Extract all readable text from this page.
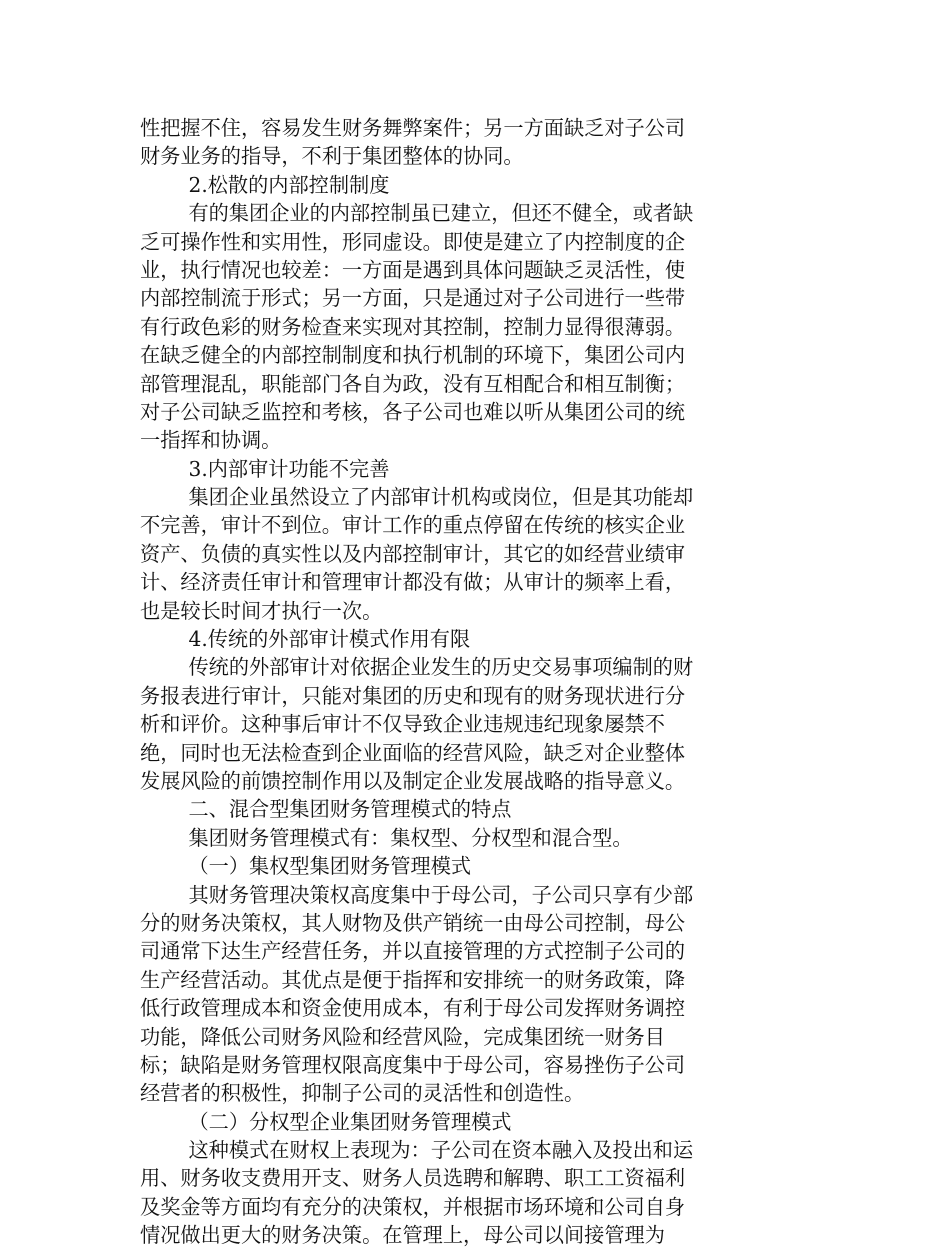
性把握不住，容易发生财务舞弊案件；另一方面缺乏对子公司
财务业务的指导，不利于集团整体的协同。
2.松散的内部控制制度
有的集团企业的内部控制虽已建立，但还不健全，或者缺
乏可操作性和实用性，形同虚设。即使是建立了内控制度的企
业，执行情况也较差：一方面是遇到具体问题缺乏灵活性，使
内部控制流于形式；另一方面，只是通过对子公司进行一些带
有行政色彩的财务检查来实现对其控制，控制力显得很薄弱。
在缺乏健全的内部控制制度和执行机制的环境下，集团公司内
部管理混乱，职能部门各自为政，没有互相配合和相互制衡；
对子公司缺乏监控和考核，各子公司也难以听从集团公司的统
一指挥和协调。
3.内部审计功能不完善
集团企业虽然设立了内部审计机构或岗位，但是其功能却
不完善，审计不到位。审计工作的重点停留在传统的核实企业
资产、负债的真实性以及内部控制审计，其它的如经营业绩审
计、经济责任审计和管理审计都没有做；从审计的频率上看，
也是较长时间才执行一次。
4.传统的外部审计模式作用有限
传统的外部审计对依据企业发生的历史交易事项编制的财
务报表进行审计，只能对集团的历史和现有的财务现状进行分
析和评价。这种事后审计不仅导致企业违规违纪现象屡禁不
绝，同时也无法检查到企业面临的经营风险，缺乏对企业整体
发展风险的前馈控制作用以及制定企业发展战略的指导意义。
二、混合型集团财务管理模式的特点
集团财务管理模式有：集权型、分权型和混合型。
（一）集权型集团财务管理模式
其财务管理决策权高度集中于母公司，子公司只享有少部
分的财务决策权，其人财物及供产销统一由母公司控制，母公
司通常下达生产经营任务，并以直接管理的方式控制子公司的
生产经营活动。其优点是便于指挥和安排统一的财务政策，降
低行政管理成本和资金使用成本，有利于母公司发挥财务调控
功能，降低公司财务风险和经营风险，完成集团统一财务目
标；缺陷是财务管理权限高度集中于母公司，容易挫伤子公司
经营者的积极性，抑制子公司的灵活性和创造性。
（二）分权型企业集团财务管理模式
这种模式在财权上表现为：子公司在资本融入及投出和运
用、财务收支费用开支、财务人员选聘和解聘、职工工资福利
及奖金等方面均有充分的决策权，并根据市场环境和公司自身
情况做出更大的财务决策。在管理上，母公司以间接管理为
